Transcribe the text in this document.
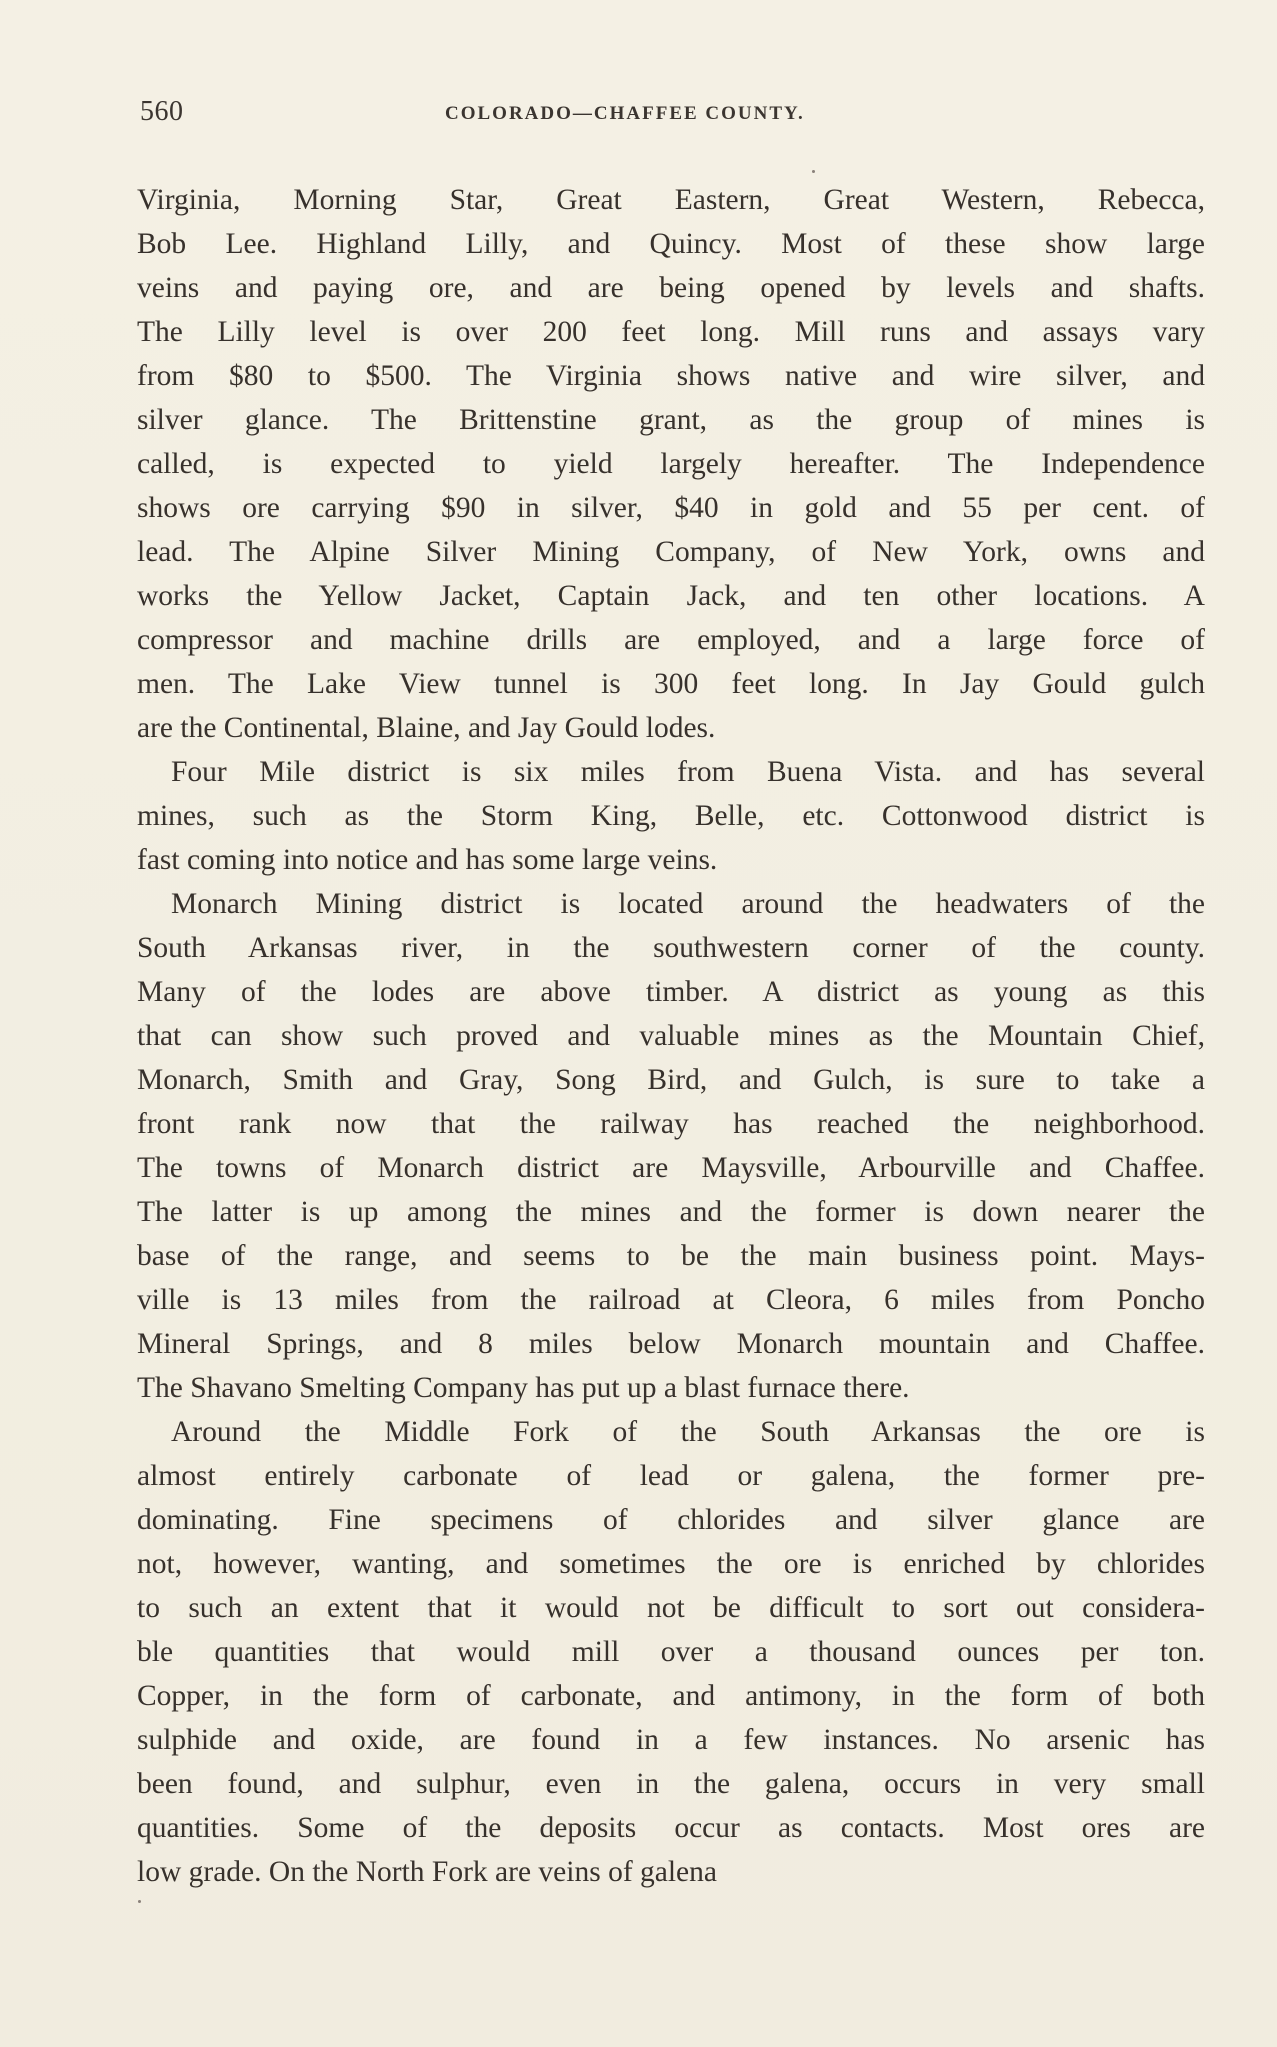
560	COLORADO—CHAFFEE COUNTY.
Virginia, Morning Star, Great Eastern, Great Western, Rebecca,
Bob Lee. Highland Lilly, and Quincy. Most of these show large
veins and paying ore, and are being opened by levels and shafts.
The Lilly level is over 200 feet long. Mill runs and assays vary
from $80 to $500. The Virginia shows native and wire silver, and
silver glance. The Brittenstine grant, as the group of mines is
called, is expected to yield largely hereafter. The Independence
shows ore carrying $90 in silver, $40 in gold and 55 per cent. of
lead. The Alpine Silver Mining Company, of New York, owns and
works the Yellow Jacket, Captain Jack, and ten other locations. A
compressor and machine drills are employed, and a large force of
men. The Lake View tunnel is 300 feet long. In Jay Gould gulch
are the Continental, Blaine, and Jay Gould lodes.
Four Mile district is six miles from Buena Vista. and has several
mines, such as the Storm King, Belle, etc. Cottonwood district is
fast coming into notice and has some large veins.
Monarch Mining district is located around the headwaters of the
South Arkansas river, in the southwestern corner of the county.
Many of the lodes are above timber. A district as young as this
that can show such proved and valuable mines as the Mountain Chief,
Monarch, Smith and Gray, Song Bird, and Gulch, is sure to take a
front rank now that the railway has reached the neighborhood.
The towns of Monarch district are Maysville, Arbourville and Chaffee.
The latter is up among the mines and the former is down nearer the
base of the range, and seems to be the main business point. Mays-
ville is 13 miles from the railroad at Cleora, 6 miles from Poncho
Mineral Springs, and 8 miles below Monarch mountain and Chaffee.
The Shavano Smelting Company has put up a blast furnace there.
Around the Middle Fork of the South Arkansas the ore is
almost entirely carbonate of lead or galena, the former pre-
dominating. Fine specimens of chlorides and silver glance are
not, however, wanting, and sometimes the ore is enriched by chlorides
to such an extent that it would not be difficult to sort out considera-
ble quantities that would mill over a thousand ounces per ton.
Copper, in the form of carbonate, and antimony, in the form of both
sulphide and oxide, are found in a few instances. No arsenic has
been found, and sulphur, even in the galena, occurs in very small
quantities. Some of the deposits occur as contacts. Most ores are
low grade. On the North Fork are veins of galena
